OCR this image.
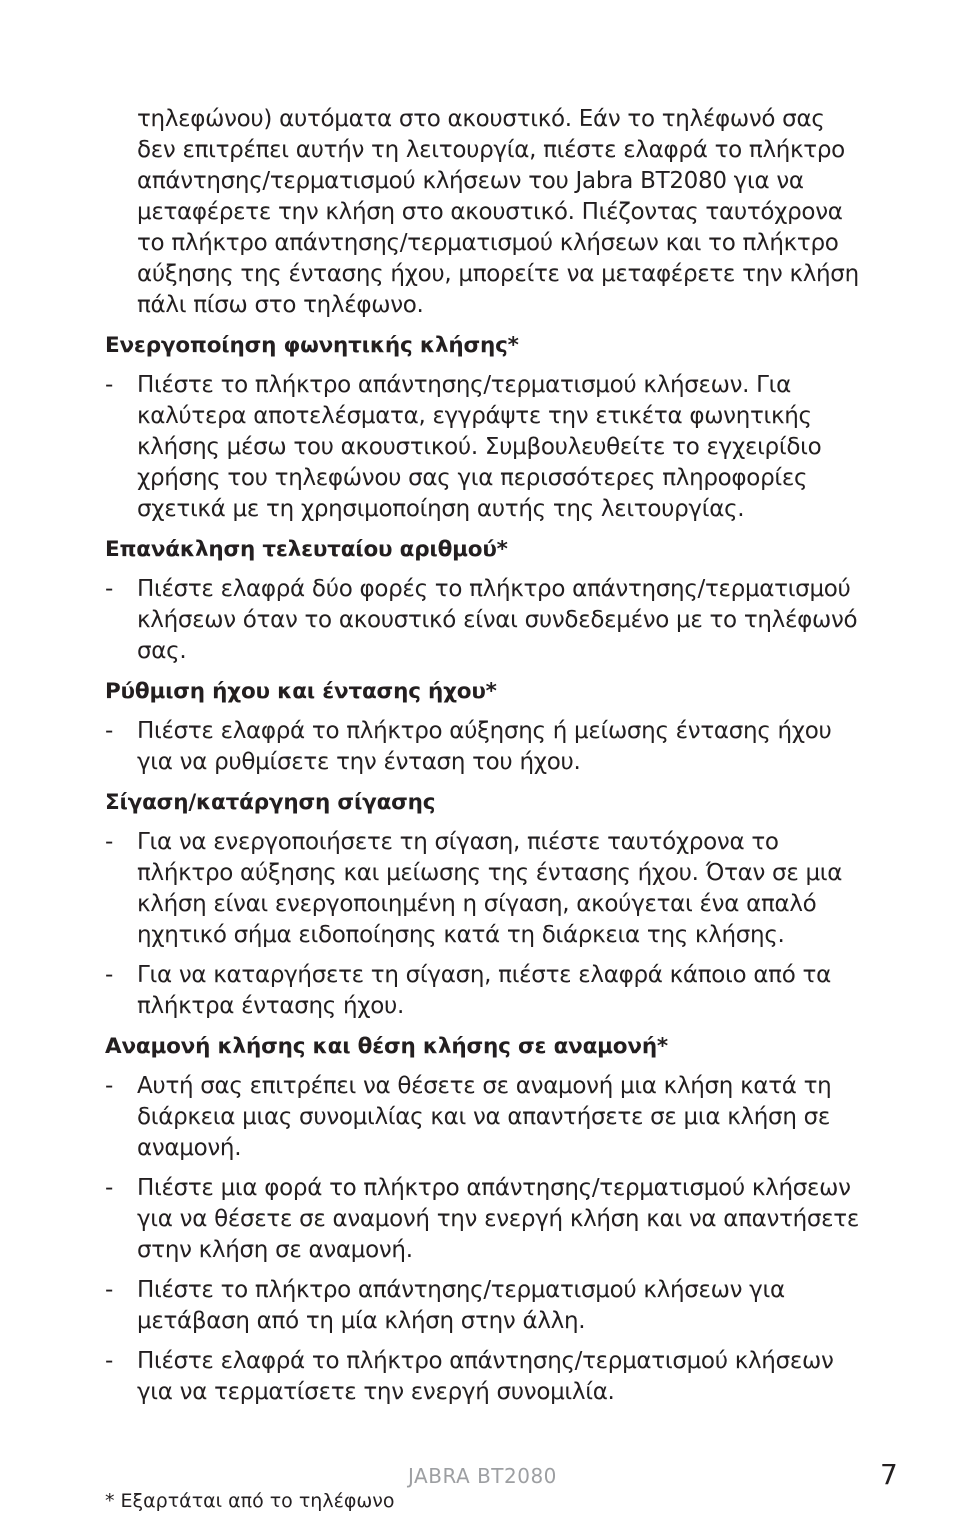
τηλεφώνου) αυτόματα στο ακουστικό. Εάν το τηλέφωνό σας δεν επιτρέπει αυτήν τη λειτουργία, πιέστε ελαφρά το πλήκτρο απάντησης/τερματισμού κλήσεων του Jabra BT2080 για να μεταφέρετε την κλήση στο ακουστικό. Πιέζοντας ταυτόχρονα το πλήκτρο απάντησης/τερματισμού κλήσεων και το πλήκτρο αύξησης της έντασης ήχου, μπορείτε να μεταφέρετε την κλήση πάλι πίσω στο τηλέφωνο.

Ενεργοποίηση φωνητικής κλήσης*
- Πιέστε το πλήκτρο απάντησης/τερματισμού κλήσεων. Για καλύτερα αποτελέσματα, εγγράψτε την ετικέτα φωνητικής κλήσης μέσω του ακουστικού. Συμβουλευθείτε το εγχειρίδιο χρήσης του τηλεφώνου σας για περισσότερες πληροφορίες σχετικά με τη χρησιμοποίηση αυτής της λειτουργίας.
Επανάκληση τελευταίου αριθμού*
- Πιέστε ελαφρά δύο φορές το πλήκτρο απάντησης/τερματισμού κλήσεων όταν το ακουστικό είναι συνδεδεμένο με το τηλέφωνό σας.
Ρύθμιση ήχου και έντασης ήχου*
- Πιέστε ελαφρά το πλήκτρο αύξησης ή μείωσης έντασης ήχου για να ρυθμίσετε την ένταση του ήχου.
Σίγαση/κατάργηση σίγασης
- Για να ενεργοποιήσετε τη σίγαση, πιέστε ταυτόχρονα το πλήκτρο αύξησης και μείωσης της έντασης ήχου. Όταν σε μια κλήση είναι ενεργοποιημένη η σίγαση, ακούγεται ένα απαλό ηχητικό σήμα ειδοποίησης κατά τη διάρκεια της κλήσης.
- Για να καταργήσετε τη σίγαση, πιέστε ελαφρά κάποιο από τα πλήκτρα έντασης ήχου.
Αναμονή κλήσης και θέση κλήσης σε αναμονή*
- Αυτή σας επιτρέπει να θέσετε σε αναμονή μια κλήση κατά τη διάρκεια μιας συνομιλίας και να απαντήσετε σε μια κλήση σε αναμονή.
- Πιέστε μια φορά το πλήκτρο απάντησης/τερματισμού κλήσεων για να θέσετε σε αναμονή την ενεργή κλήση και να απαντήσετε στην κλήση σε αναμονή.
- Πιέστε το πλήκτρο απάντησης/τερματισμού κλήσεων για μετάβαση από τη μία κλήση στην άλλη.
- Πιέστε ελαφρά το πλήκτρο απάντησης/τερματισμού κλήσεων για να τερματίσετε την ενεργή συνομιλία.
JABRA BT2080	7
* Εξαρτάται από το τηλέφωνο
